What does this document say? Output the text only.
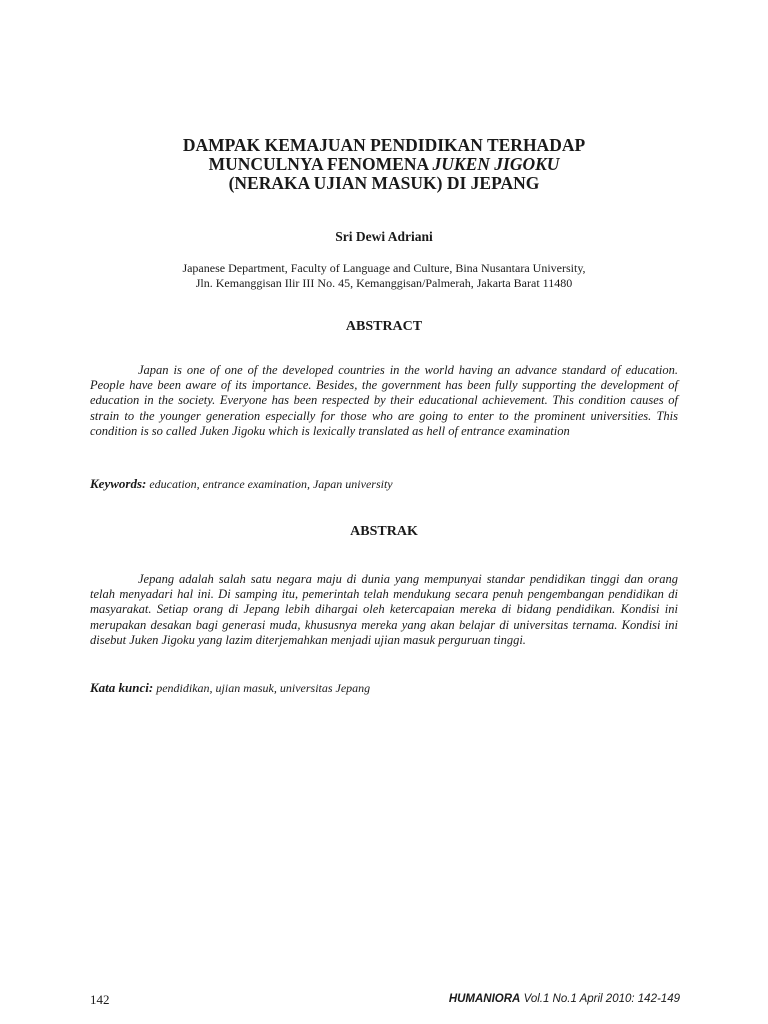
DAMPAK KEMAJUAN PENDIDIKAN TERHADAP
MUNCULNYA FENOMENA JUKEN JIGOKU
(NERAKA UJIAN MASUK) DI JEPANG
Sri Dewi Adriani
Japanese Department, Faculty of Language and Culture, Bina Nusantara University,
Jln. Kemanggisan Ilir III No. 45, Kemanggisan/Palmerah, Jakarta Barat 11480
ABSTRACT

Japan is one of one of the developed countries in the world having an advance standard of education. People have been aware of its importance. Besides, the government has been fully supporting the development of education in the society. Everyone has been respected by their educational achievement. This condition causes of strain to the younger generation especially for those who are going to enter to the prominent universities. This condition is so called Juken Jigoku which is lexically translated as hell of entrance examination

Keywords: education, entrance examination, Japan university

ABSTRAK

Jepang adalah salah satu negara maju di dunia yang mempunyai standar pendidikan tinggi dan orang telah menyadari hal ini. Di samping itu, pemerintah telah mendukung secara penuh pengembangan pendidikan di masyarakat. Setiap orang di Jepang lebih dihargai oleh ketercapaian mereka di bidang pendidikan. Kondisi ini merupakan desakan bagi generasi muda, khususnya mereka yang akan belajar di universitas ternama. Kondisi ini disebut Juken Jigoku yang lazim diterjemahkan menjadi ujian masuk perguruan tinggi.

Kata kunci: pendidikan, ujian masuk, universitas Jepang

142	HUMANIORA Vol.1 No.1 April 2010: 142-149
